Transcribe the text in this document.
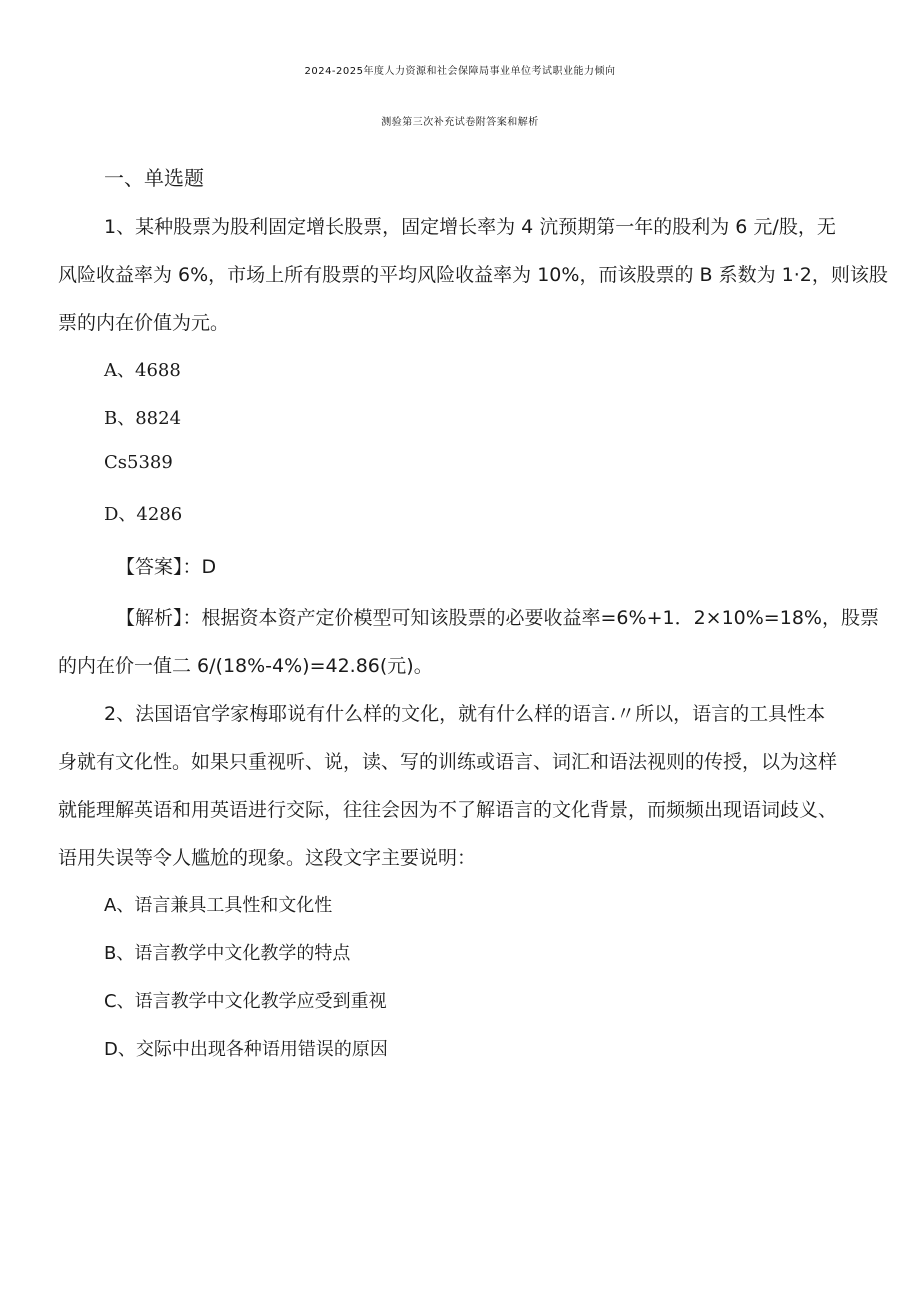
2024-2025年度人力资源和社会保障局事业单位考试职业能力倾向
测验第三次补充试卷附答案和解析
一、单选题
1、某种股票为股利固定增长股票，固定增长率为 4 沆预期第一年的股利为 6 元/股，无
风险收益率为 6%，市场上所有股票的平均风险收益率为 10%，而该股票的 B 系数为 1·2，则该股
票的内在价值为元。
A、4688
B、8824
Cs5389
D、4286
【答案】：D
【解析】：根据资本资产定价模型可知该股票的必要收益率=6%+1．2×10%=18%，股票
的内在价一值二 6/(18%-4%)=42.86(元)。
2、法国语官学家梅耶说有什么样的文化，就有什么样的语言.〃所以，语言的工具性本
身就有文化性。如果只重视听、说，读、写的训练或语言、词汇和语法视则的传授，以为这样
就能理解英语和用英语进行交际，往往会因为不了解语言的文化背景，而频频出现语词歧义、
语用失误等令人尴尬的现象。这段文字主要说明：
A、语言兼具工具性和文化性
B、语言教学中文化教学的特点
C、语言教学中文化教学应受到重视
D、交际中出现各种语用错误的原因
